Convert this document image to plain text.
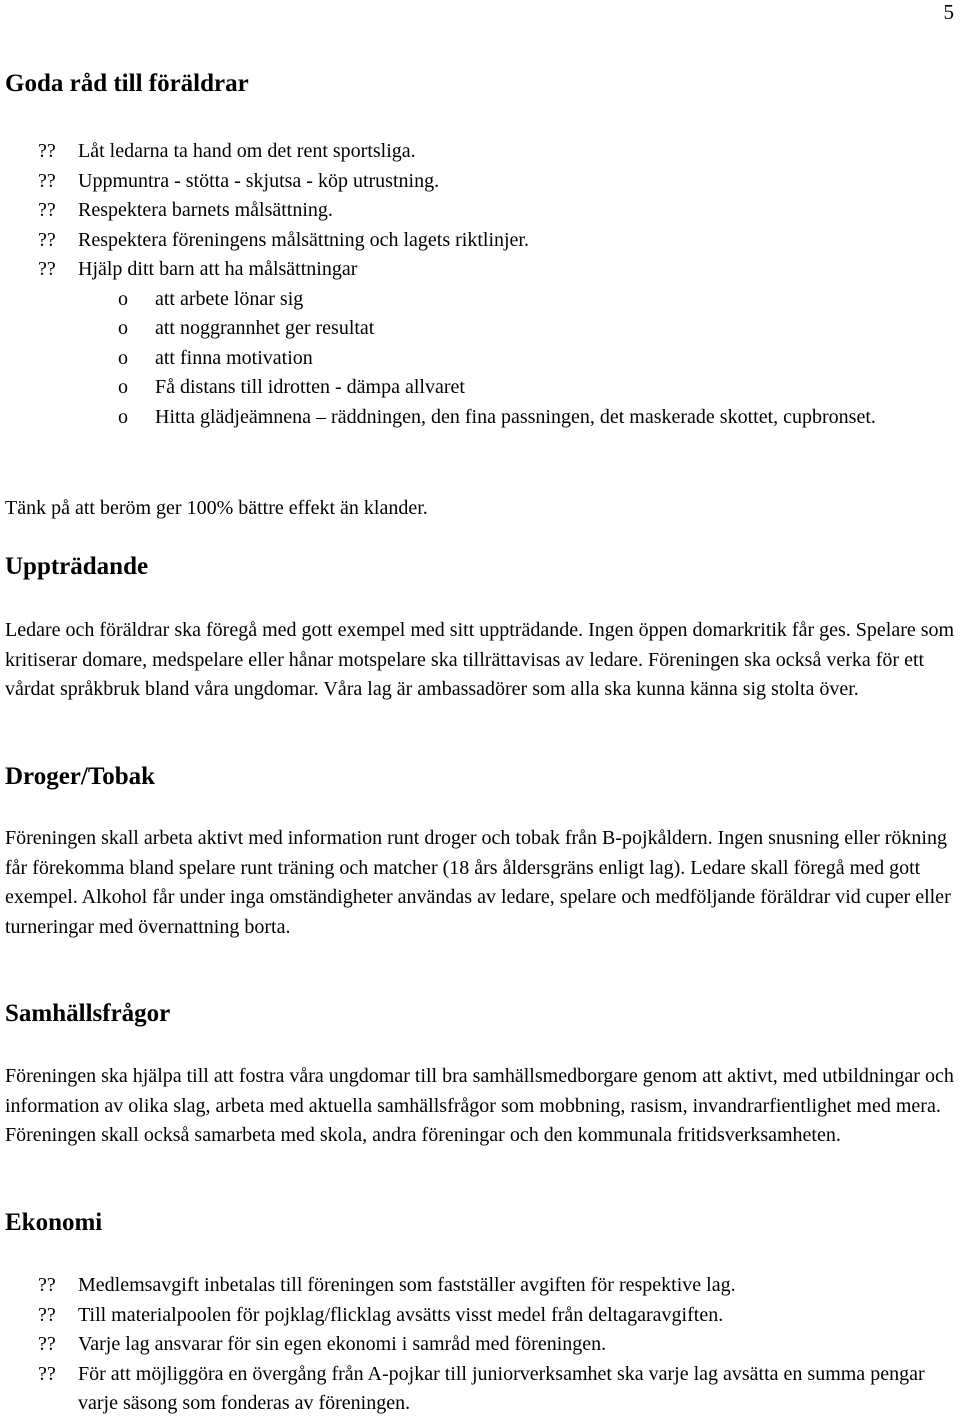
5
Goda råd till föräldrar
?? Låt ledarna ta hand om det rent sportsliga.
?? Uppmuntra - stötta - skjutsa - köp utrustning.
?? Respektera barnets målsättning.
?? Respektera föreningens målsättning och lagets riktlinjer.
?? Hjälp ditt barn att ha målsättningar
o att arbete lönar sig
o att noggrannhet ger resultat
o att finna motivation
o Få distans till idrotten - dämpa allvaret
o Hitta glädjeämnena – räddningen, den fina passningen, det maskerade skottet, cupbronset.

Tänk på att beröm ger 100% bättre effekt än klander.

Uppträdande

Ledare och föräldrar ska föregå med gott exempel med sitt uppträdande. Ingen öppen domarkritik får ges. Spelare som kritiserar domare, medspelare eller hånar motspelare ska tillrättavisas av ledare. Föreningen ska också verka för ett vårdat språkbruk bland våra ungdomar. Våra lag är ambassadörer som alla ska kunna känna sig stolta över.

Droger/Tobak

Föreningen skall arbeta aktivt med information runt droger och tobak från B-pojkåldern. Ingen snusning eller rökning får förekomma bland spelare runt träning och matcher (18 års åldersgräns enligt lag). Ledare skall föregå med gott exempel. Alkohol får under inga omständigheter användas av ledare, spelare och medföljande föräldrar vid cuper eller turneringar med övernattning borta.

Samhällsfrågor

Föreningen ska hjälpa till att fostra våra ungdomar till bra samhällsmedborgare genom att aktivt, med utbildningar och information av olika slag, arbeta med aktuella samhällsfrågor som mobbning, rasism, invandrarfientlighet med mera. Föreningen skall också samarbeta med skola, andra föreningar och den kommunala fritidsverksamheten.

Ekonomi
?? Medlemsavgift inbetalas till föreningen som fastställer avgiften för respektive lag.
?? Till materialpoolen för pojklag/flicklag avsätts visst medel från deltagaravgiften.
?? Varje lag ansvarar för sin egen ekonomi i samråd med föreningen.
?? För att möjliggöra en övergång från A-pojkar till juniorverksamhet ska varje lag avsätta en summa pengar varje säsong som fonderas av föreningen.
